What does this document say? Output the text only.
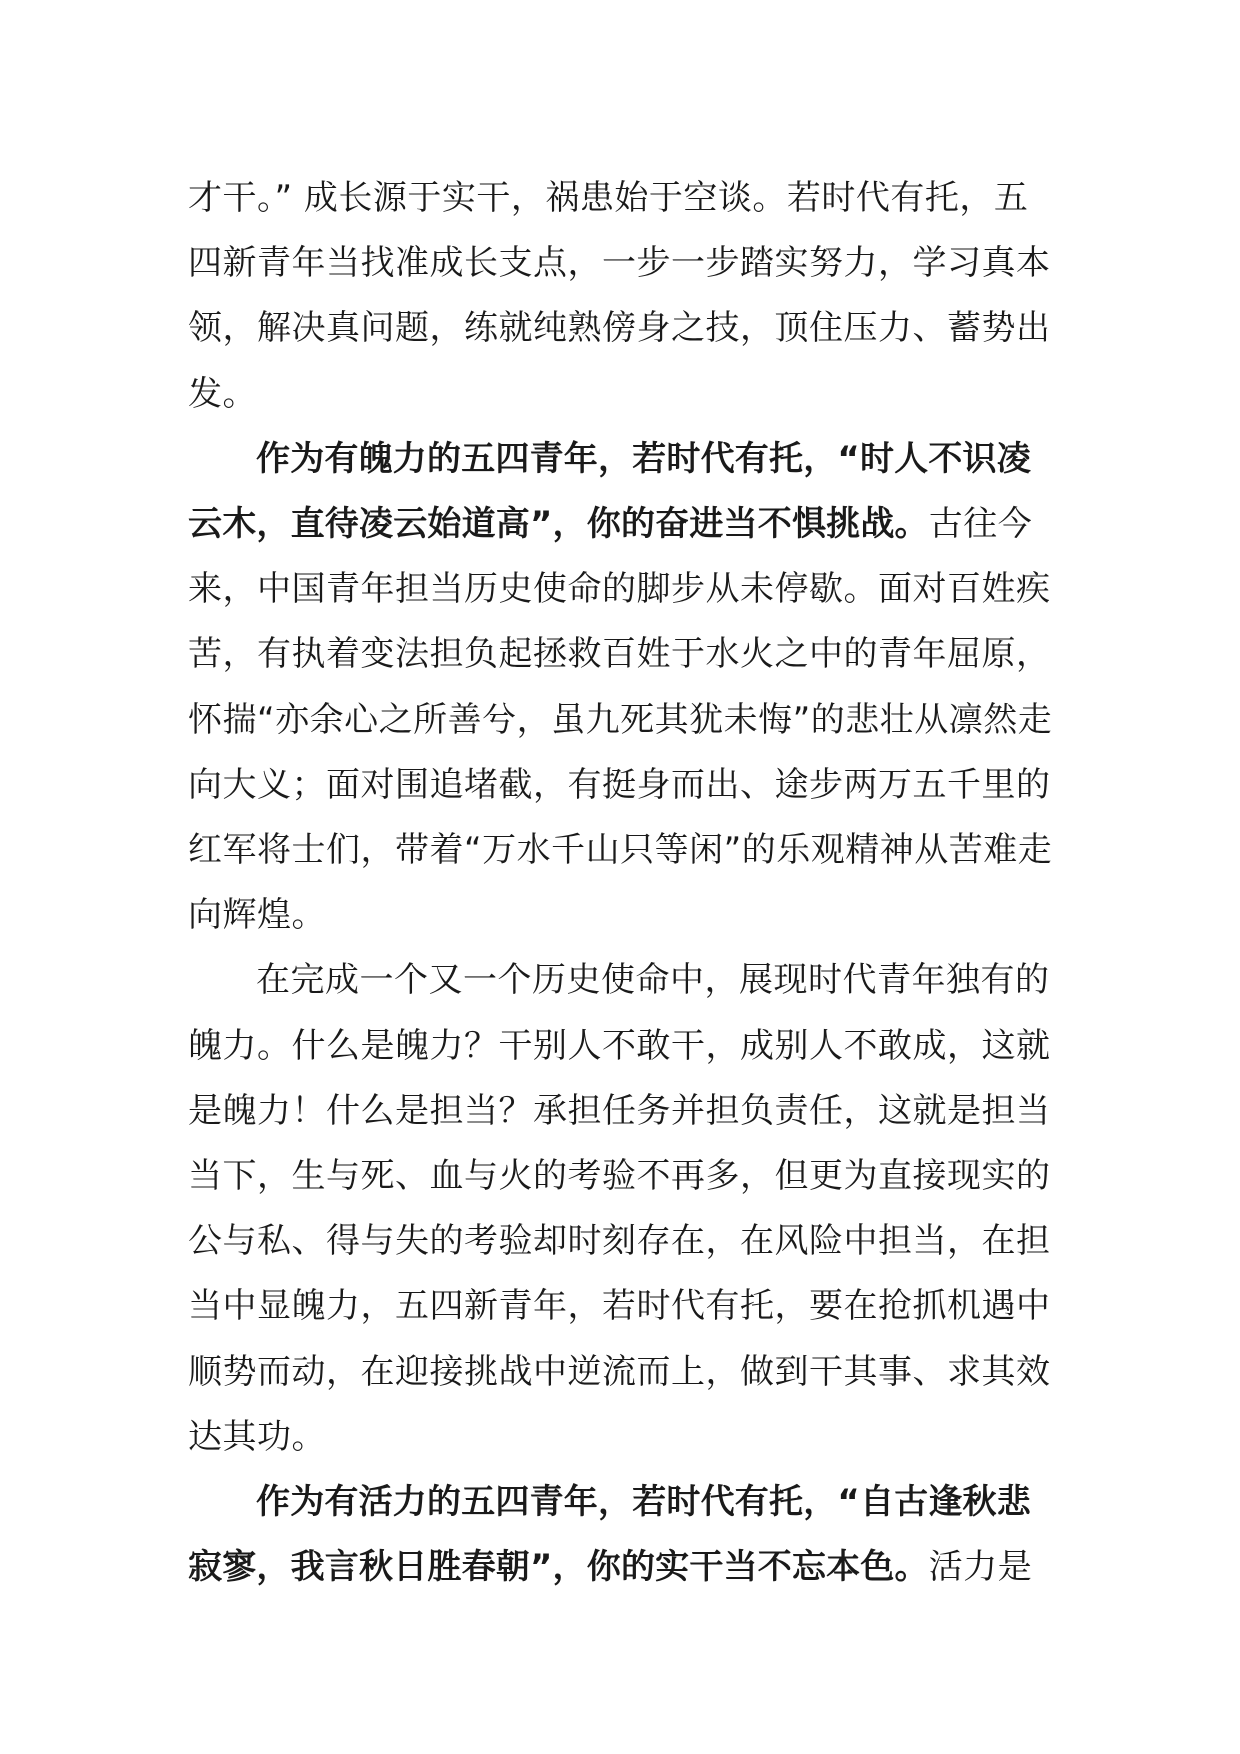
才干。” 成长源于实干，祸患始于空谈。若时代有托，五四新青年当找准成长支点，一步一步踏实努力，学习真本领，解决真问题，练就纯熟傍身之技，顶住压力、蓄势出发。

作为有魄力的五四青年，若时代有托，“时人不识凌云木，直待凌云始道高”，你的奋进当不惧挑战。古往今来，中国青年担当历史使命的脚步从未停歇。面对百姓疾苦，有执着变法担负起拯救百姓于水火之中的青年屈原，怀揣“亦余心之所善兮，虽九死其犹未悔”的悲壮从凛然走向大义；面对围追堵截，有挺身而出、途步两万五千里的红军将士们，带着“万水千山只等闲”的乐观精神从苦难走向辉煌。

在完成一个又一个历史使命中，展现时代青年独有的魄力。什么是魄力？干别人不敢干，成别人不敢成，这就是魄力！什么是担当？承担任务并担负责任，这就是担当当下，生与死、血与火的考验不再多，但更为直接现实的公与私、得与失的考验却时刻存在，在风险中担当，在担当中显魄力，五四新青年，若时代有托，要在抢抓机遇中顺势而动，在迎接挑战中逆流而上，做到干其事、求其效达其功。

作为有活力的五四青年，若时代有托，“自古逢秋悲寂寥，我言秋日胜春朝”，你的实干当不忘本色。活力是
